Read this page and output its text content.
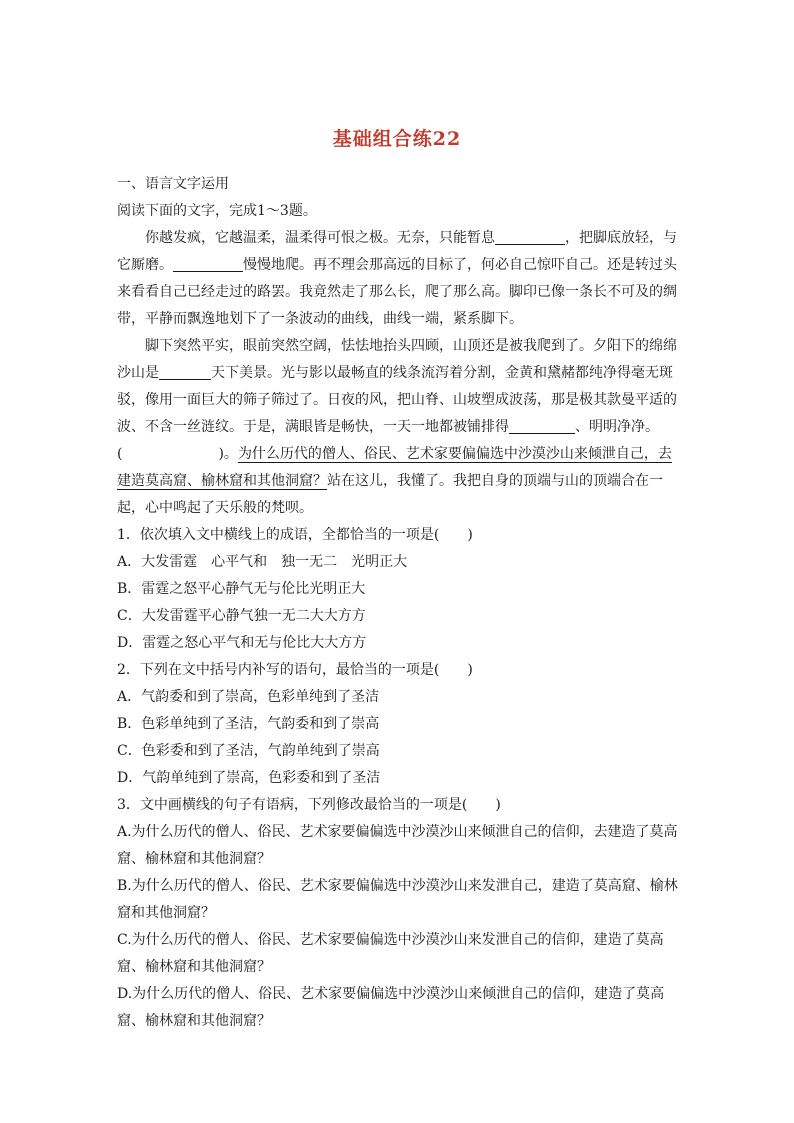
基础组合练22

一、语言文字运用

阅读下面的文字，完成1～3题。

你越发疯，它越温柔，温柔得可恨之极。无奈，只能暂息	，把脚底放轻，与它厮磨。	慢慢地爬。再不理会那高远的目标了，何必自己惊吓自己。还是转过头来看看自己已经走过的路罢。我竟然走了那么长，爬了那么高。脚印已像一条长不可及的绸带，平静而飘逸地划下了一条波动的曲线，曲线一端，紧系脚下。

脚下突然平实，眼前突然空阔，怯怯地抬头四顾，山顶还是被我爬到了。夕阳下的绵绵沙山是	天下美景。光与影以最畅直的线条流泻着分割，金黄和黛赭都纯净得毫无斑驳，像用一面巨大的筛子筛过了。日夜的风，把山脊、山坡塑成波荡，那是极其款曼平适的波、不含一丝涟纹。于是，满眼皆是畅快，一天一地都被铺排得	、明明净净。
(	)。为什么历代的僧人、俗民、艺术家要偏偏选中沙漠沙山来倾泄自己，去建造莫高窟、榆林窟和其他洞窟？站在这儿，我懂了。我把自身的顶端与山的顶端合在一起，心中鸣起了天乐般的梵呗。

1．依次填入文中横线上的成语，全都恰当的一项是(　　)

A．大发雷霆　心平气和　独一无二　光明正大

B．雷霆之怒平心静气无与伦比光明正大

C．大发雷霆平心静气独一无二大大方方

D．雷霆之怒心平气和无与伦比大大方方

2．下列在文中括号内补写的语句，最恰当的一项是(　　)

A．气韵委和到了崇高，色彩单纯到了圣洁

B．色彩单纯到了圣洁，气韵委和到了崇高

C．色彩委和到了圣洁，气韵单纯到了崇高

D．气韵单纯到了崇高，色彩委和到了圣洁

3．文中画横线的句子有语病，下列修改最恰当的一项是(　　)

A.为什么历代的僧人、俗民、艺术家要偏偏选中沙漠沙山来倾泄自己的信仰，去建造了莫高窟、榆林窟和其他洞窟？

B.为什么历代的僧人、俗民、艺术家要偏偏选中沙漠沙山来发泄自己，建造了莫高窟、榆林窟和其他洞窟？

C.为什么历代的僧人、俗民、艺术家要偏偏选中沙漠沙山来发泄自己的信仰，建造了莫高窟、榆林窟和其他洞窟？

D.为什么历代的僧人、俗民、艺术家要偏偏选中沙漠沙山来倾泄自己的信仰，建造了莫高窟、榆林窟和其他洞窟？
